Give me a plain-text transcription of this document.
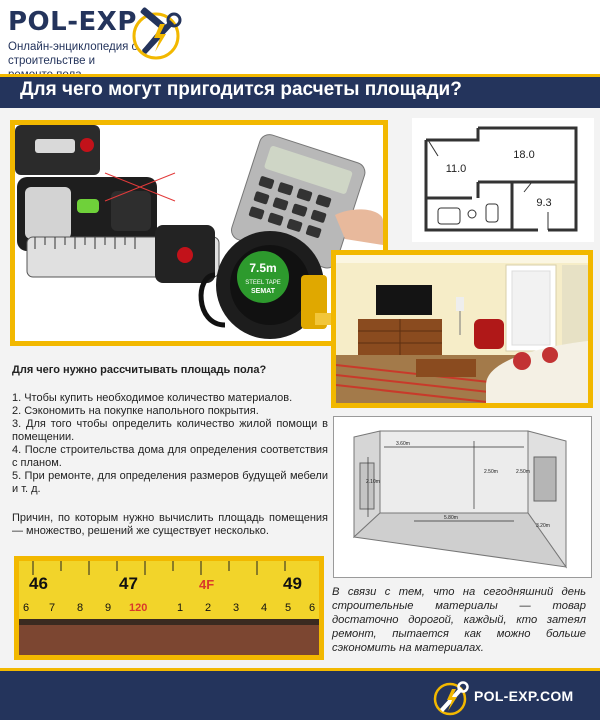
POL-EXP
Онлайн-энциклопедия о строительстве и
Для чего могут пригодится расчеты площади?
7.5m
STEEL TAPE
SEMAT
18.0
11.0
9.3
3.60m
2.10m
2.50m	2.50m
5.80m
3.20m
46	47	4F	49
6 7 8 9 120	1 2 3 4 5 6
Для чего нужно рассчитывать площадь пола?
1. Чтобы купить необходимое количество материалов.
2. Сэкономить на покупке напольного покрытия.
3. Для того чтобы определить количество жилой помощи в помещении.
4. После строительства дома для определения соответствия с планом.
5. При ремонте, для определения размеров будущей мебели и т. д.
Причин, по которым нужно вычислить площадь помещения — множество, решений же существует несколько.
В связи с тем, что на сегодняшний день строительные материалы — товар достаточно дорогой, каждый, кто затеял ремонт, пытается как можно больше сэкономить на материалах.
POL-EXP.COM
